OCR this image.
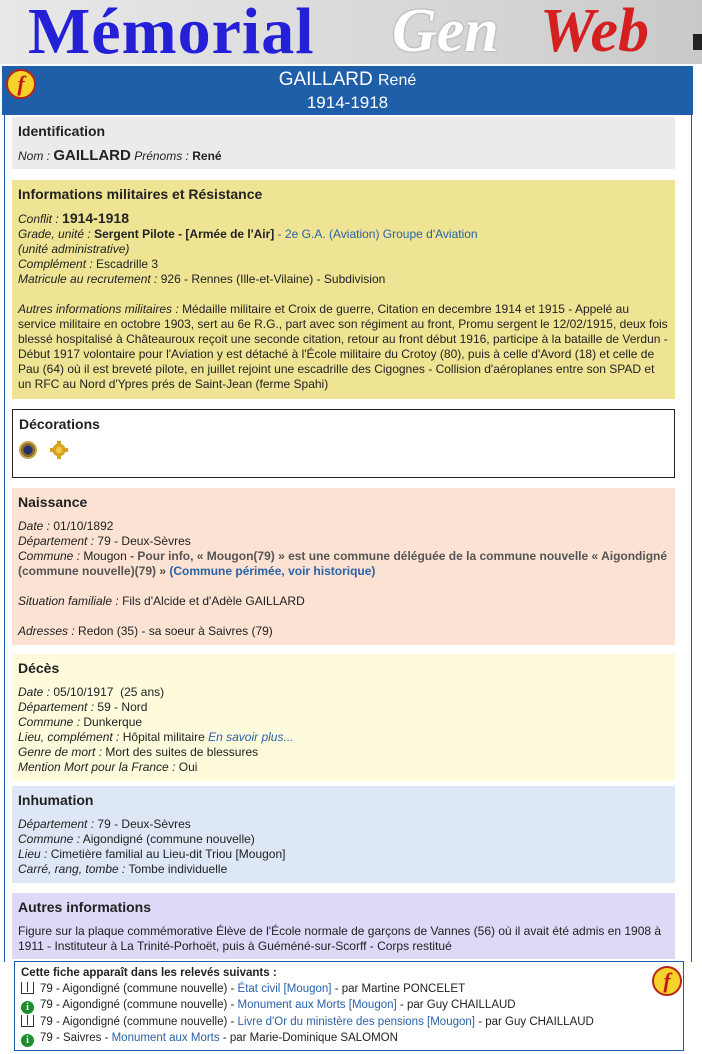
Mémorial Gen Web
f	GAILLARD René
1914-1918
Identification
Nom : GAILLARD Prénoms : René
Informations militaires et Résistance
Conflit : 1914-1918
Grade, unité : Sergent Pilote - [Armée de l'Air] - 2e G.A. (Aviation) Groupe d'Aviation
(unité administrative)
Complément : Escadrille 3
Matricule au recrutement : 926 - Rennes (Ille-et-Vilaine) - Subdivision
Autres informations militaires : Médaille militaire et Croix de guerre, Citation en decembre 1914 et 1915 - Appelé au service militaire en octobre 1903, sert au 6e R.G., part avec son régiment au front, Promu sergent le 12/02/1915, deux fois blessé hospitalisé à Châteauroux reçoit une seconde citation, retour au front début 1916, participe à la bataille de Verdun - Début 1917 volontaire pour l'Aviation y est détaché à l'École militaire du Crotoy (80), puis à celle d'Avord (18) et celle de Pau (64) où il est breveté pilote, en juillet rejoint une escadrille des Cigognes - Collision d'aéroplanes entre son SPAD et un RFC au Nord d'Ypres prés de Saint-Jean (ferme Spahi)
Décorations

Naissance
Date : 01/10/1892
Département : 79 - Deux-Sèvres
Commune : Mougon - Pour info, « Mougon(79) » est une commune déléguée de la commune nouvelle « Aigondigné (commune nouvelle)(79) » (Commune périmée, voir historique)
Situation familiale : Fils d'Alcide et d'Adèle GAILLARD
Adresses : Redon (35) - sa soeur à Saivres (79)
Décès
Date : 05/10/1917  (25 ans)
Département : 59 - Nord
Commune : Dunkerque
Lieu, complément : Hôpital militaire En savoir plus...
Genre de mort : Mort des suites de blessures
Mention Mort pour la France : Oui
Inhumation
Département : 79 - Deux-Sèvres
Commune : Aigondigné (commune nouvelle)
Lieu : Cimetière familial au Lieu-dit Triou [Mougon]
Carré, rang, tombe : Tombe individuelle
Autres informations
Figure sur la plaque commémorative Élève de l'École normale de garçons de Vannes (56) où il avait été admis en 1908 à 1911 - Instituteur à La Trinité-Porhoët, puis à Guéméné-sur-Scorff - Corps restitué
f
Cette fiche apparaît dans les relevés suivants :
79 - Aigondigné (commune nouvelle) - État civil [Mougon] - par Martine PONCELET
i 79 - Aigondigné (commune nouvelle) - Monument aux Morts [Mougon] - par Guy CHAILLAUD
79 - Aigondigné (commune nouvelle) - Livre d'Or du ministère des pensions [Mougon] - par Guy CHAILLAUD
i 79 - Saivres - Monument aux Morts - par Marie-Dominique SALOMON
